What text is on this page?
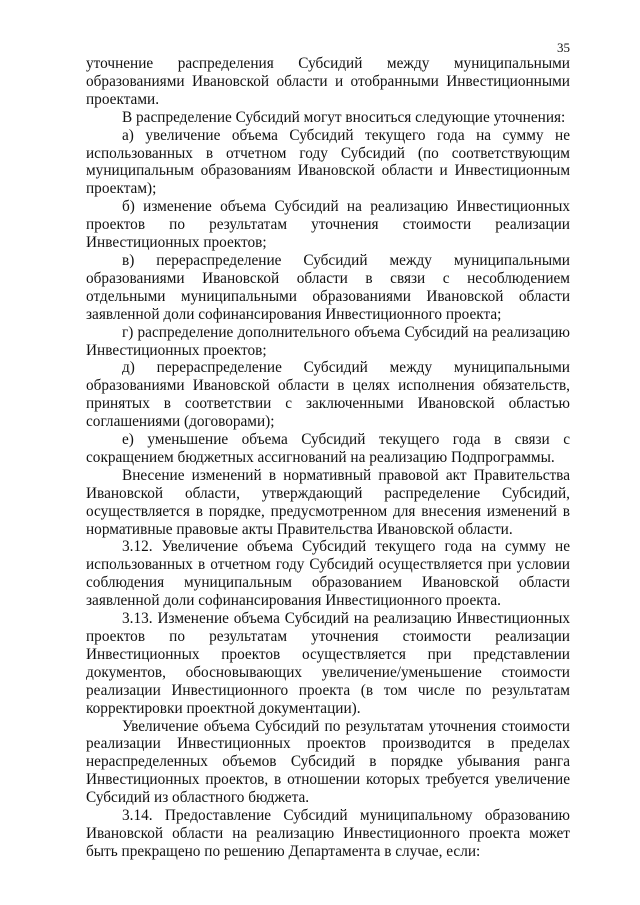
35

уточнение распределения Субсидий между муниципальными образованиями Ивановской области и отобранными Инвестиционными проектами.

В распределение Субсидий могут вноситься следующие уточнения:

а) увеличение объема Субсидий текущего года на сумму не использованных в отчетном году Субсидий (по соответствующим муниципальным образованиям Ивановской области и Инвестиционным проектам);

б) изменение объема Субсидий на реализацию Инвестиционных проектов по результатам уточнения стоимости реализации Инвестиционных проектов;

в) перераспределение Субсидий между муниципальными образованиями Ивановской области в связи с несоблюдением отдельными муниципальными образованиями Ивановской области заявленной доли софинансирования Инвестиционного проекта;

г) распределение дополнительного объема Субсидий на реализацию Инвестиционных проектов;

д) перераспределение Субсидий между муниципальными образованиями Ивановской области в целях исполнения обязательств, принятых в соответствии с заключенными Ивановской областью соглашениями (договорами);

е) уменьшение объема Субсидий текущего года в связи с сокращением бюджетных ассигнований на реализацию Подпрограммы.

Внесение изменений в нормативный правовой акт Правительства Ивановской области, утверждающий распределение Субсидий, осуществляется в порядке, предусмотренном для внесения изменений в нормативные правовые акты Правительства Ивановской области.

3.12. Увеличение объема Субсидий текущего года на сумму не использованных в отчетном году Субсидий осуществляется при условии соблюдения муниципальным образованием Ивановской области заявленной доли софинансирования Инвестиционного проекта.

3.13. Изменение объема Субсидий на реализацию Инвестиционных проектов по результатам уточнения стоимости реализации Инвестиционных проектов осуществляется при представлении документов, обосновывающих увеличение/уменьшение стоимости реализации Инвестиционного проекта (в том числе по результатам корректировки проектной документации).

Увеличение объема Субсидий по результатам уточнения стоимости реализации Инвестиционных проектов производится в пределах нераспределенных объемов Субсидий в порядке убывания ранга Инвестиционных проектов, в отношении которых требуется увеличение Субсидий из областного бюджета.

3.14. Предоставление Субсидий муниципальному образованию Ивановской области на реализацию Инвестиционного проекта может быть прекращено по решению Департамента в случае, если:
